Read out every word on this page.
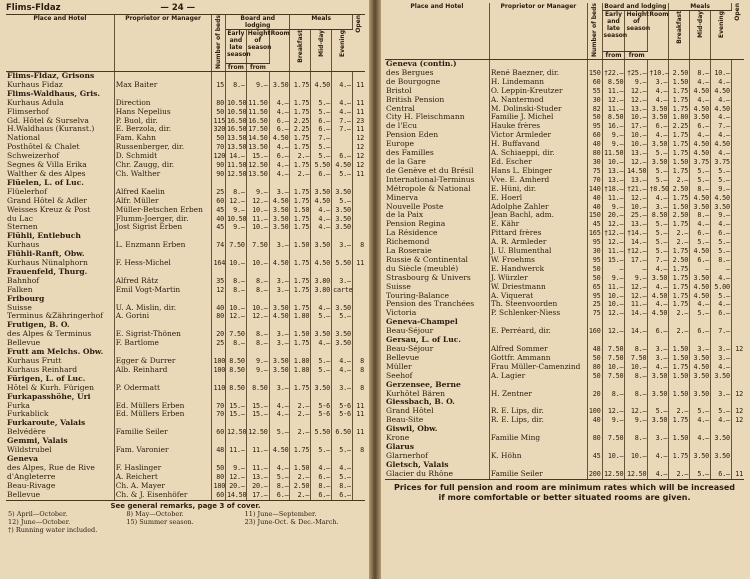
Flims-Fldaz	— 24 —
Place and Hotel	Proprietor or Manager	Number of beds	Board and lodging			Meals			Open
			Early and late season	Height of season	Room	Breakfast	Mid-day	Evening	
			from	from					
Flims-Fldaz, Grisons									
Kurhaus Fidaz	Max Baiter	15	8.—	9.—	3.50	1.75	4.50	4.—	11
Flims-Waldhaus, Gris.									
Kurhaus Adula	Direction	80	10.50	11.50	4.—	1.75	5.—	4.—	11
Flimserhof	Hans Nepelius	50	10.50	11.50	4.—	1.75	5.—	4.—	11
Gd. Hôtel & Surselva	P. Buol, dir.	115	16.50	16.50	6.—	2.25	6.—	7.—	23
H.Waldhaus (Kuranst.)	E. Berzola, dir.	320	16.50	17.50	6.—	2.25	6.—	7.—	11
National	Fam. Kahn	50	13.50	14.50	4.50	1.75	7.—		12
Posthôtel & Chalet	Russenberger, dir.	70	13.50	13.50	4.—	1.75	5.—		12
Schweizerhof	D. Schmidt	120	14.—	15.—	6.—	2.—	5.—	6.—	12
Segnes & Villa Erika	Chr. Zaugg, dir.	90	11.50	12.50	4.—	1.75	5.50	4.50	12
Walther & des Alpes	Ch. Walther	90	12.50	13.50	4.—	2.—	6.—	5.—	11
Flüelen, L. of Luc.									
Flüelerhof	Alfred Kaelin	25	8.—	9.—	3.—	1.75	3.50	3.50	
Grand Hôtel & Adler	Alfr. Müller	60	12.—	12.—	4.50	1.75	4.50	5.—	
Weisses Kreuz & Post	Müller-Betschen Erben	45	9.—	10.—	3.50	1.50	4.—	3.50	
du Lac	Flumm-Joerger, dir.	40	10.50	11.—	3.50	1.75	4.—	3.50	
Sternen	Jost Sigrist Erben	45	9.—	10.—	3.50	1.75	4.—	3.50	
Flühli, Entlebuch									
Kurhaus	L. Enzmann Erben	74	7.50	7.50	3.—	1.50	3.50	3.—	8
Flühli-Ranft, Obw.									
Kurhaus Nünalphorn	F. Hess-Michel	164	10.—	10.—	4.50	1.75	4.50	5.50	11
Frauenfeld, Thurg.									
Bahnhof	Alfred Rätz	35	8.—	8.—	3.—	1.75	3.80	3.—	
Falken	Emil Vogt-Martin	12	8.—	8.—	3.—	1.75	3.80	carte	
Fribourg									
Suisse	U. A. Mislin, dir.	40	10.—	10.—	3.50	1.75	4.—	3.50	
Terminus &Zähringerhof	A. Gorini	80	12.—	12.—	4.50	1.80	5.—	5.—	
Frutigen, B. O.									
des Alpes & Terminus	E. Sigrist-Thönen	20	7.50	8.—	3.—	1.50	3.50	3.50	
Bellevue	F. Bartlome	25	8.—	8.—	3.—	1.75	4.—	3.50	
Frutt am Melchs. Obw.									
Kurhaus Frutt	Egger & Durrer	100	8.50	9.—	3.50	1.80	5.—	4.—	8
Kurhaus Reinhard	Alb. Reinhard	100	8.50	9.—	3.50	1.80	5.—	4.—	8
Fürigen, L. of Luc.									
Hôtel & Kurh. Fürigen	P. Odermatt	110	8.50	8.50	3.—	1.75	3.50	3.—	8
Furkapasshöhe, Uri									
Furka	Ed. Müllers Erben	70	15.—	15.—	4.—	2.—	5-6	5-6	11
Furkablick	Ed. Müllers Erben	70	15.—	15.—	4.—	2.—	5-6	5-6	11
Furkaroute, Valais									
Belvédère	Familie Seiler	60	12.50	12.50	5.—	2.—	5.50	6.50	11
Gemmi, Valais									
Wildstrubel	Fam. Varonier	48	11.—	11.—	4.50	1.75	5.—	5.—	8
Geneva									
des Alpes, Rue de Rive	F. Haslinger	50	9.—	11.—	4.—	1.50	4.—	4.—	
d'Angleterre	A. Reichert	80	12.—	13.—	5.—	2.—	6.—	5.—	
Beau-Rivage	Ch. A. Mayer	180	20.—	20.—	8.—	2.50	8.—	8.—	
Bellevue	Ch. & J. Eisenhöfer	60	14.50	17.—	6.—	2.—	6.—	6.—	
See general remarks, page 3 of cover.
5) April—October.	8) May—October.	11) June—September.
12) June—October.	15) Summer season.	23) June-Oct. & Dec.-March.
†) Running water included.
Place and Hotel	Proprietor or Manager	Number of beds	Board and lodging			Meals			Open
			Early and late season	Height of season	Room	Breakfast	Mid-day	Evening	
			from	from					
Geneva (contin.)									
des Bergues	René Baezner, dir.	150	†22.—	†25.—	†10.—	2.50	8.—	10.—	
de Bourgogne	H. Lindemann	60	8.50	9.—	3.—	1.50	4.—	4.—	
Bristol	O. Leppin-Kreutzer	55	11.—	12.—	4.—	1.75	4.50	4.50	
British Pension	A. Nantermod	30	12.—	12.—	4.—	1.75	4.—	4.—	
Central	M. Dolinski-Studer	82	11.—	13.—	3.50	1.75	4.50	4.50	
City H. Fleischmann	Familie J. Michel	50	8.50	10.—	3.50	1.80	3.50	4.—	
de l'Ecu	Hauke frères	95	16.—	17.—	6.—	2.25	6.—	7.—	
Pension Eden	Victor Armleder	60	9.—	10.—	4.—	1.75	4.—	4.—	
Europe	H. Buffavand	40	9.—	10.—	3.50	1.75	4.50	4.50	
des Familles	A. Schiaeppi, dir.	80	11.50	13.—	5.—	1.75	4.50	4.—	
de la Gare	Ed. Escher	30	10.—	12.—	3.50	1.50	3.75	3.75	
de Genève et du Brésil	Hans L. Ebinger	75	13.—	14.50	5.—	1.75	5.—	5.—	
International-Terminus	Vve. E. Amherd	70	13.—	13.—	5.—	2.—	5.—	5.—	
Métropole & National	E. Hüni, dir.	140	†18.—	†21.—	†8.50	2.50	8.—	9.—	
Minerva	E. Hoerl	40	11.—	12.—	4.—	1.75	4.50	4.50	
Nouvelle Poste	Adolphe Zahler	40	9.—	10.—	3.—	1.50	3.50	3.50	
de la Paix	Jean Bachl, adm.	150	20.—	25.—	8.50	2.50	8.—	9.—	
Pension Regina	E. Kähr	45	12.—	13.—	5.—	1.75	4.—	4.—	
La Résidence	Pittard frères	165	†12.—	†14.—	5.—	2.—	6.—	6.—	
Richemond	A. R. Armleder	95	12.—	14.—	5.—	2.—	5.—	5.—	
La Roseraie	J. U. Blumenthal	30	11.—	†12.—	5.—	1.75	4.50	5.—	
Russie & Continental	W. Froehms	95	15.—	17.—	7.—	2.50	6.—	8.—	
du Siècle (meublé)	E. Handwerck	50	—	—	4.—	1.75	—	—	
Strasbourg & Univers	J. Würzler	50	9.—	9.—	3.50	1.75	3.50	4.—	
Suisse	W. Driestmann	65	11.—	12.—	4.—	1.75	4.50	5.00	
Touring-Balance	A. Viquerat	95	10.—	12.—	4.50	1.75	4.50	5.—	
Pension des Tranchées	Th. Steenvoorden	25	10.—	11.—	4.—	1.75	4.—	4.—	
Victoria	P. Schlenker-Niess	75	12.—	14.—	4.50	2.—	5.—	6.—	
Geneva-Champel									
Beau-Séjour	E. Perréard, dir.	160	12.—	14.—	6.—	2.—	6.—	7.—	
Gersau, L. of Luc.									
Beau-Séjour	Alfred Sommer	48	7.50	8.—	3.—	1.50	3.—	3.—	12
Bellevue	Gottfr. Ammann	50	7.50	7.50	3.—	1.50	3.50	3.—	
Müller	Frau Müller-Camenzind	80	10.—	10.—	4.—	1.75	4.50	4.—	
Seehof	A. Lagier	50	7.50	8.—	3.50	1.50	3.50	3.50	
Gerzensee, Berne									
Kurhôtel Bären	H. Zentner	20	8.—	8.—	3.50	1.50	3.50	3.—	12
Giessbach, B. O.									
Grand Hôtel	R. E. Lips, dir.	100	12.—	12.—	5.—	2.—	5.—	5.—	12
Beau-Site	R. E. Lips, dir.	40	9.—	9.—	3.50	1.75	4.—	4.—	12
Giswil, Obw.									
Krone	Familie Ming	80	7.50	8.—	3.—	1.50	4.—	3.50	
Glarus									
Glarnerhof	K. Höhn	45	10.—	10.—	4.—	1.75	3.50	3.50	
Gletsch, Valais									
Glacier du Rhône	Familie Seiler	200	12.50	12.50	4.—	2.—	5.—	6.—	11
Prices for full pension and room are minimum rates which will be increased if more comfortable or better situated rooms are given.
